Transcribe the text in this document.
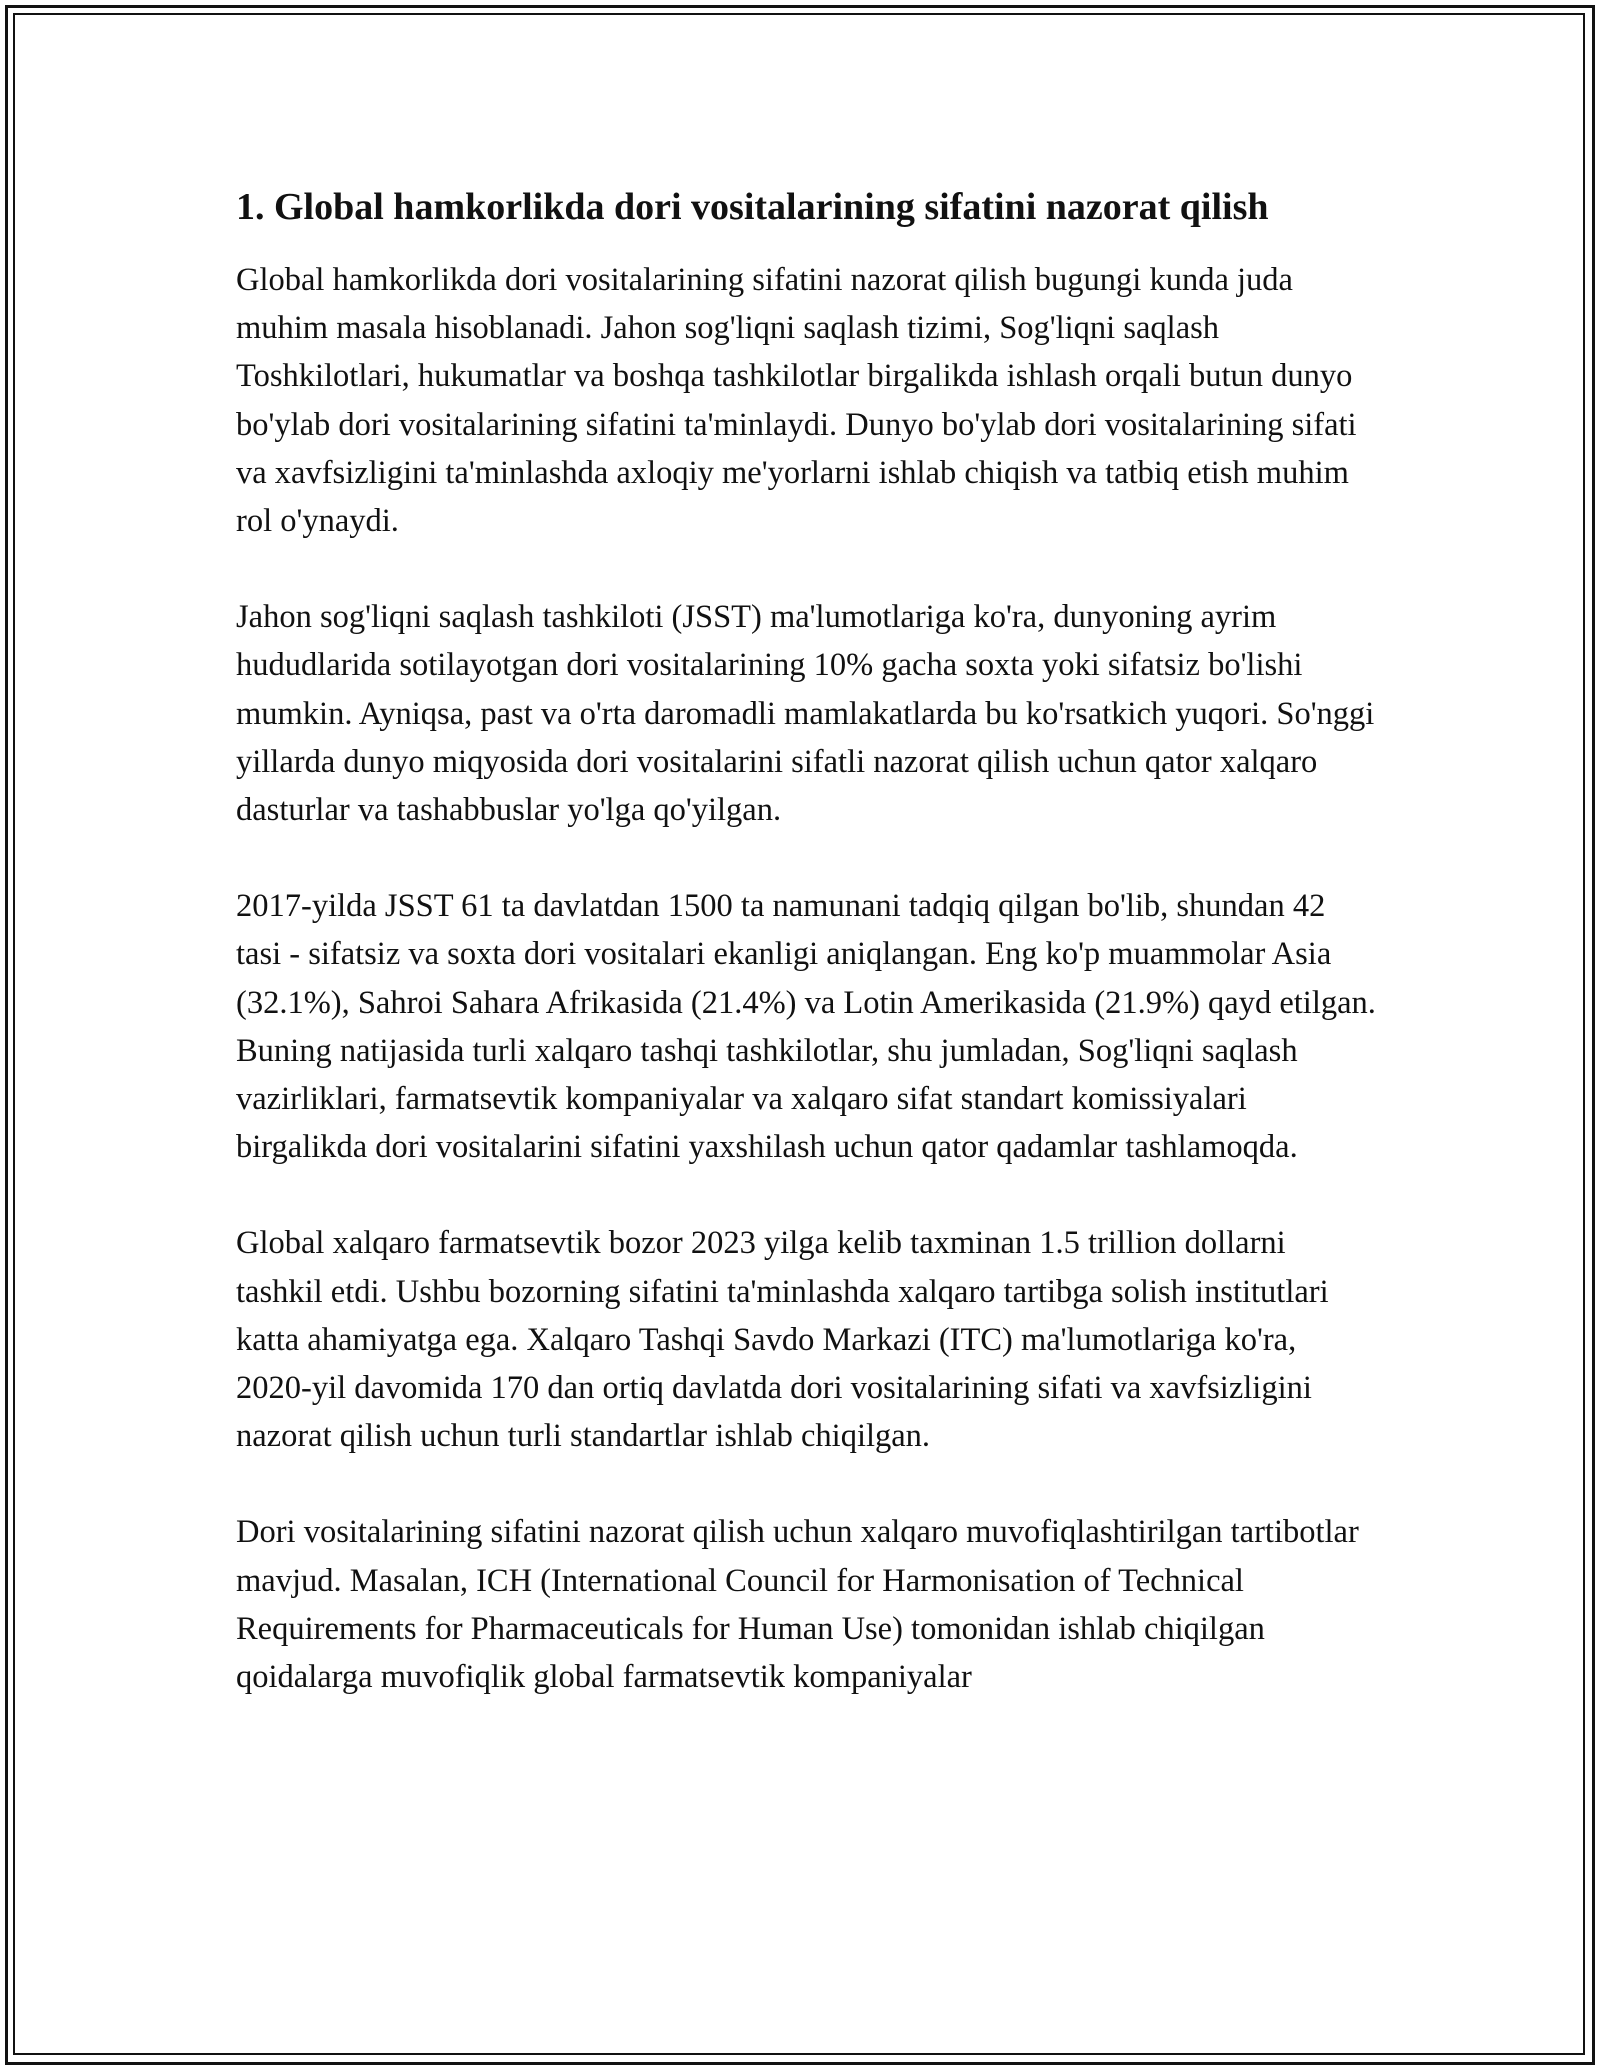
1. Global hamkorlikda dori vositalarining sifatini nazorat qilish

Global hamkorlikda dori vositalarining sifatini nazorat qilish bugungi kunda juda muhim masala hisoblanadi. Jahon sog'liqni saqlash tizimi, Sog'liqni saqlash Toshkilotlari, hukumatlar va boshqa tashkilotlar birgalikda ishlash orqali butun dunyo bo'ylab dori vositalarining sifatini ta'minlaydi. Dunyo bo'ylab dori vositalarining sifati va xavfsizligini ta'minlashda axloqiy me'yorlarni ishlab chiqish va tatbiq etish muhim rol o'ynaydi.

Jahon sog'liqni saqlash tashkiloti (JSST) ma'lumotlariga ko'ra, dunyoning ayrim hududlarida sotilayotgan dori vositalarining 10% gacha soxta yoki sifatsiz bo'lishi mumkin. Ayniqsa, past va o'rta daromadli mamlakatlarda bu ko'rsatkich yuqori. So'nggi yillarda dunyo miqyosida dori vositalarini sifatli nazorat qilish uchun qator xalqaro dasturlar va tashabbuslar yo'lga qo'yilgan.

2017-yilda JSST 61 ta davlatdan 1500 ta namunani tadqiq qilgan bo'lib, shundan 42 tasi - sifatsiz va soxta dori vositalari ekanligi aniqlangan. Eng ko'p muammolar Asia (32.1%), Sahroi Sahara Afrikasida (21.4%) va Lotin Amerikasida (21.9%) qayd etilgan. Buning natijasida turli xalqaro tashqi tashkilotlar, shu jumladan, Sog'liqni saqlash vazirliklari, farmatsevtik kompaniyalar va xalqaro sifat standart komissiyalari birgalikda dori vositalarini sifatini yaxshilash uchun qator qadamlar tashlamoqda.

Global xalqaro farmatsevtik bozor 2023 yilga kelib taxminan 1.5 trillion dollarni tashkil etdi. Ushbu bozorning sifatini ta'minlashda xalqaro tartibga solish institutlari katta ahamiyatga ega. Xalqaro Tashqi Savdo Markazi (ITC) ma'lumotlariga ko'ra, 2020-yil davomida 170 dan ortiq davlatda dori vositalarining sifati va xavfsizligini nazorat qilish uchun turli standartlar ishlab chiqilgan.

Dori vositalarining sifatini nazorat qilish uchun xalqaro muvofiqlashtirilgan tartibotlar mavjud. Masalan, ICH (International Council for Harmonisation of Technical Requirements for Pharmaceuticals for Human Use) tomonidan ishlab chiqilgan qoidalarga muvofiqlik global farmatsevtik kompaniyalar
